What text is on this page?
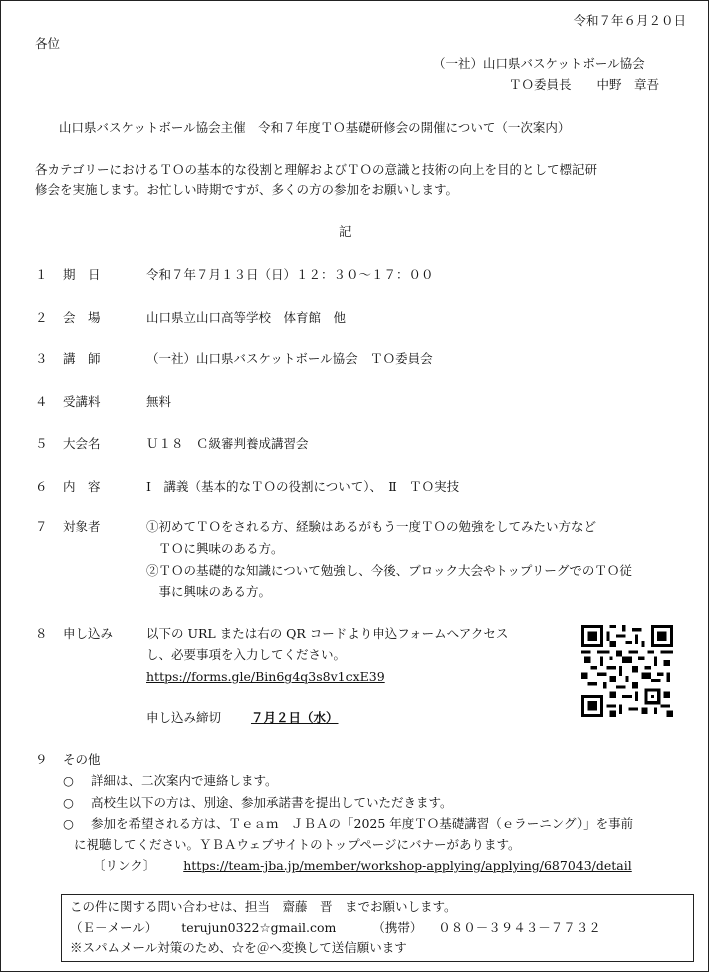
令和７年６月２０日
各位
（一社）山口県バスケットボール協会
ＴＯ委員長　　中野　章吾
山口県バスケットボール協会主催　令和７年度ＴＯ基礎研修会の開催について（一次案内）
各カテゴリーにおけるＴＯの基本的な役割と理解およびＴＯの意識と技術の向上を目的として標記研
修会を実施します。お忙しい時期ですが、多くの方の参加をお願いします。
記
１ 期　日	令和７年７月１３日（日）１２：３０～１７：００
２ 会　場	山口県立山口高等学校　体育館　他
３ 講　師	（一社）山口県バスケットボール協会　ＴＯ委員会
４ 受講料	無料
５ 大会名	Ｕ１８　Ｃ級審判養成講習会
６ 内　容	Ⅰ　講義（基本的なＴＯの役割について）、　Ⅱ　ＴＯ実技
７ 対象者	①初めてＴＯをされる方、経験はあるがもう一度ＴＯの勉強をしてみたい方など
　ＴＯに興味のある方。
②ＴＯの基礎的な知識について勉強し、今後、ブロック大会やトップリーグでのＴＯ従
　事に興味のある方。
８ 申し込み	以下の URL または右の QR コードより申込フォームへアクセス
し、必要事項を入力してください。
https://forms.gle/Bin6g4q3s8v1cxE39
申し込み締切 ７月２日（水）
９ その他
○ 詳細は、二次案内で連絡します。
○ 高校生以下の方は、別途、参加承諾書を提出していただきます。
○ 参加を希望される方は、Ｔｅａｍ　ＪＢＡの「2025 年度ＴＯ基礎講習（ｅラーニング）」を事前
に視聴してください。ＹＢＡウェブサイトのトップページにバナーがあります。
〔リンク〕 https://team-jba.jp/member/workshop-applying/applying/687043/detail
この件に関する問い合わせは、担当　齋藤　晋　までお願いします。
（Ｅ－メール） terujun0322☆gmail.com	（携帯） ０８０－３９４３－７７３２
※スパムメール対策のため、☆を＠へ変換して送信願います
